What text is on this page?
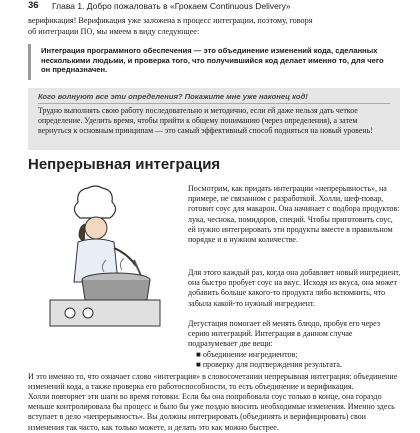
36 Глава 1. Добро пожаловать в «Грокаем Continuous Delivery»
верификация! Верификация уже заложена в процесс интеграции, поэтому, говоря
об интеграции ПО, мы имеем в виду следующее:
Интеграция программного обеспечения — это объединение изменений кода, сделанных несколькими людьми, и проверка того, что получившийся код делает именно то, для чего он предназначен.
Кого волнуют все эти определения? Покажите мне уже наконец код!
Трудно выполнять свою работу последовательно и методично, если ей даже нельзя дать четкое определение. Уделить время, чтобы прийти к общему пониманию (через определения), а затем вернуться к основным принципам — это самый эффективный способ подняться на новый уровень!
Непрерывная интеграция
Посмотрим, как придать интеграции «непрерывность», на примере, не связанном с разработкой. Холли, шеф-повар, готовит соус для макарон. Она начинает с подбора продуктов: лука, чеснока, помидоров, специй. Чтобы приготовить соус, ей нужно интегрировать эти продукты вместе в правильном порядке и в нужном количестве.
Для этого каждый раз, когда она добавляет новый ингредиент, она быстро пробует соус на вкус. Исходя из вкуса, она может добавить больше какого-то продукта либо вспомнить, что забыла какой-то нужный ингредиент.
Дегустация помогает ей менять блюдо, пробуя его через серию интеграций. Интеграция в данном случае подразумевает две вещи:
■ объединение ингредиентов;
■ проверку для подтверждения результата.
И это именно то, что означает слово «интеграция» в словосочетании непрерывная интеграция: объединение изменений кода, а также проверка его работоспособности, то есть объединение и верификация.
Холли повторяет эти шаги во время готовки. Если бы она попробовала соус только в конце, она гораздо меньше контролировала бы процесс и было бы уже поздно вносить необходимые изменения. Именно здесь вступает в дело «непрерывность». Вы должны интегрировать (объединять и верифицировать) свои изменения так часто, как только можете, и делать это как можно быстрее.
